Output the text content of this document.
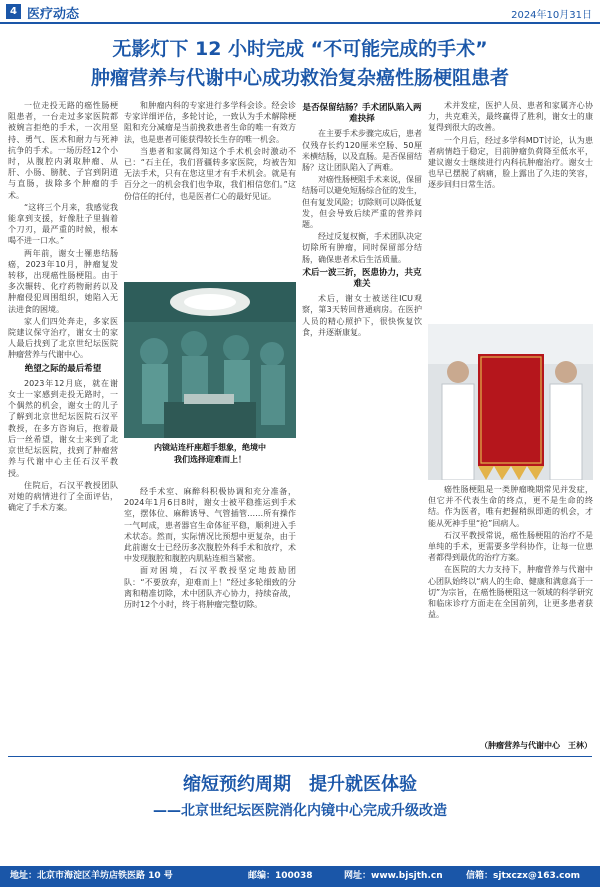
4 医疗动态	2024年10月31日
无影灯下 12 小时完成 “不可能完成的手术”
肿瘤营养与代谢中心成功救治复杂癌性肠梗阻患者

一位走投无路的癌性肠梗阻患者，一台走过多家医院都被婉言拒绝的手术，一次用坚持、勇气、医术和耐力与死神抗争的手术。一场历经12个小时，从腹腔内剥取肿瘤、从肝、小肠、膀胱、子宫到阴道与直肠，拔除多个肿瘤的手术。

“这将三个月来，我感觉我能拿到支援，好像肚子里揣着个刀刃，最严重的时候，根本喝不进一口水。”

两年前，谢女士罹患结肠癌，2023年10月，肿瘤复发转移，出现癌性肠梗阻。由于多次辗转、化疗药物耐药以及肿瘤侵犯周围组织，她陷入无法进食的困境。

家人们四处奔走，多家医院建议保守治疗，谢女士的家人最后找到了北京世纪坛医院肿瘤营养与代谢中心。

绝望之际的最后希望

2023年12月底，就在谢女士一家感到走投无路时，一个偶然的机会，谢女士的儿子了解到北京世纪坛医院石汉平教授，在多方咨询后，抱着最后一丝希望，谢女士来到了北京世纪坛医院，找到了肿瘤营养与代谢中心主任石汉平教授。

住院后，石汉平教授团队对她的病情进行了全面评估，确定了手术方案。

和肿瘤内科的专家进行多学科会诊。经会诊专家详细评估，多轮讨论，一致认为手术解除梗阻和充分减瘤是当前挽救患者生命的唯一有效方法，也是患者可能获得较长生存的唯一机会。

当患者和家属得知这个手术机会时激动不已：“石主任，我们晋疆转多家医院，均被告知无法手术，只有在您这里才有手术机会。就是有百分之一的机会我们也争取，我们相信您们。”这份信任的托付，也是医者仁心的最好见证。

内镜站连杆座超手想象，绝境中
我们选择迎难而上！

经手术室、麻醉科积极协调和充分准备，2024年1月6日8时，谢女士被平稳推运到手术室，摆体位、麻醉诱导、气管插管……所有操作一气呵成，患者器官生命体征平稳，顺利进入手术状态。然而，实际情况比预想中更复杂，由于此前谢女士已经历多次腹腔外科手术和放疗，术中发现腹腔和腹腔内肌粘连相当紧密。

面对困境，石汉平教授坚定地鼓励团队：“不要放弃，迎难而上！”经过多轮细致的分离和精准切除，术中团队齐心协力，持续奋战，历时12个小时，终于将肿瘤完整切除。

是否保留结肠？手术团队陷入两难抉择

在主要手术步骤完成后，患者仅残存长约120厘米空肠、50厘米横结肠，以及直肠。是否保留结肠？这让团队陷入了两难。

对癌性肠梗阻手术来说，保留结肠可以避免短肠综合征的发生，但有复发风险；切除则可以降低复发，但会导致后续严重的营养问题。

经过反复权衡，手术团队决定切除所有肿瘤，同时保留部分结肠，确保患者术后生活质量。

术后一波三折，医患协力，共克难关

术后，谢女士被送往ICU观察，第3天转回普通病房。在医护人员的精心照护下，很快恢复饮食，并逐渐康复。

术并发症，医护人员、患者和家属齐心协力，共克难关，最终赢得了胜利，谢女士的康复得到很大的改善。

一个月后，经过多学科MDT讨论，认为患者病情趋于稳定，目前肿瘤负荷降至低水平，建议谢女士继续进行内科抗肿瘤治疗。谢女士也早已摆脱了病痛，脸上露出了久违的笑容，逐步回归日常生活。

癌性肠梗阻是一类肿瘤晚期常见并发症，但它并不代表生命的终点，更不是生命的终结。作为医者，唯有把握稍纵即逝的机会，才能从死神手里“抢”回病人。

石汉平教授常说，癌性肠梗阻的治疗不是单纯的手术，更需要多学科协作，让每一位患者都得到最优的治疗方案。

在医院的大力支持下，肿瘤营养与代谢中心团队始终以“病人的生命、健康和满意高于一切”为宗旨，在癌性肠梗阻这一领域的科学研究和临床诊疗方面走在全国前列，让更多患者获益。

（肿瘤营养与代谢中心　王林）
缩短预约周期　提升就医体验
——北京世纪坛医院消化内镜中心完成升级改造

地址：北京市海淀区羊坊店铁医路 10 号	邮编：100038	网址：www.bjsjth.cn	信箱：sjtxczx@163.com
